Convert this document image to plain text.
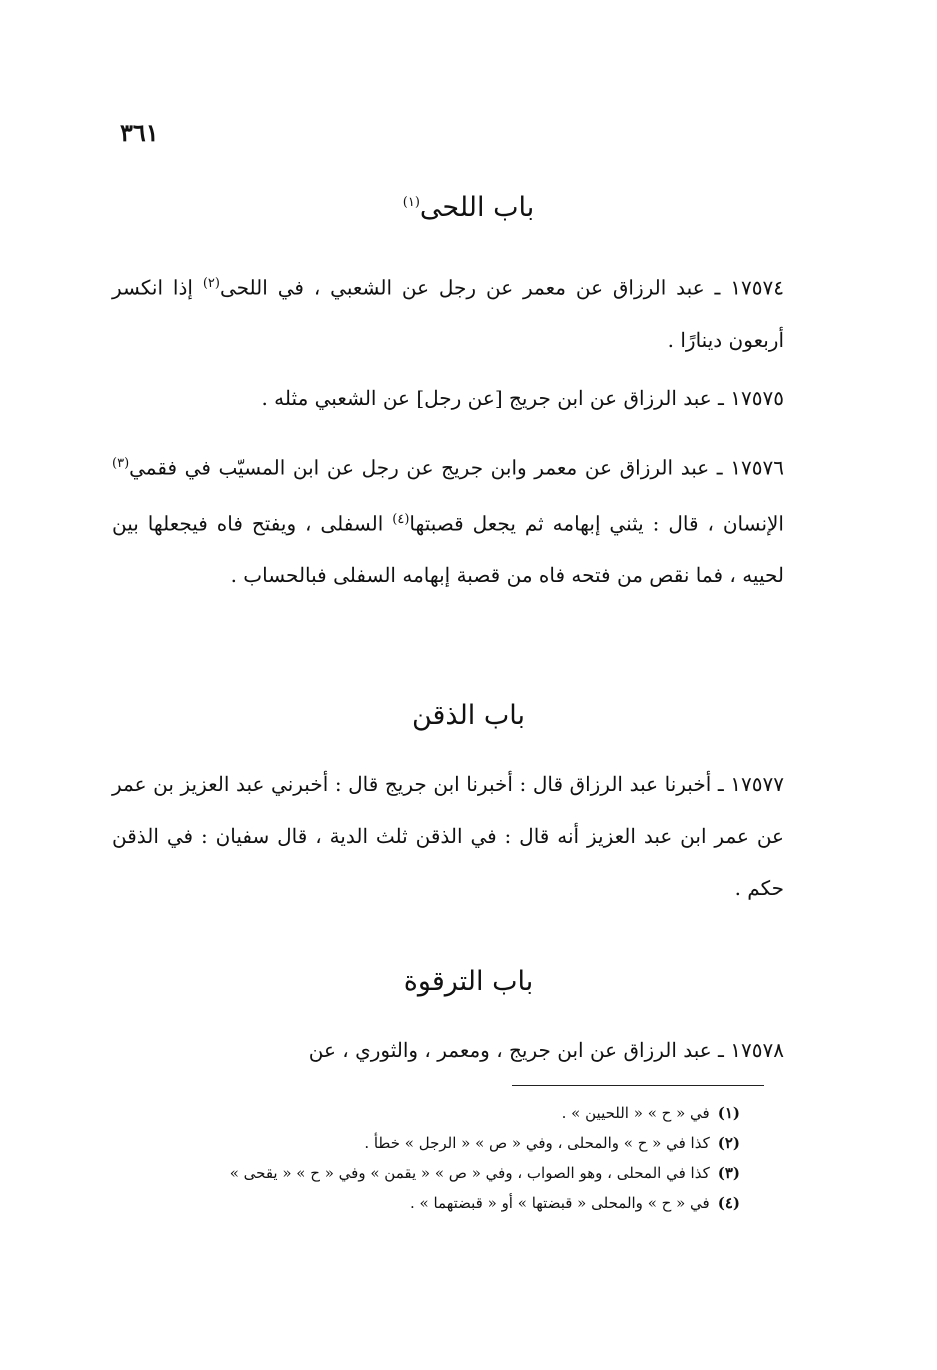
٣٦١
باب اللحى$^{(١)}$
١٧٥٧٤ ـ عبد الرزاق عن معمر عن رجل عن الشعبي ، في اللحى$^{(٢)}$ إذا انكسر أربعون دينارًا .
١٧٥٧٥ ـ عبد الرزاق عن ابن جريج [عن رجل] عن الشعبي مثله .
١٧٥٧٦ ـ عبد الرزاق عن معمر وابن جريج عن رجل عن ابن المسيّب في فقمي$^{(٣)}$ الإنسان ، قال : يثني إبهامه ثم يجعل قصبتها$^{(٤)}$ السفلى ، ويفتح فاه فيجعلها بين لحييه ، فما نقص من فتحه فاه من قصبة إبهامه السفلى فبالحساب .
باب الذقن
١٧٥٧٧ ـ أخبرنا عبد الرزاق قال : أخبرنا ابن جريج قال : أخبرني عبد العزيز بن عمر عن عمر ابن عبد العزيز أنه قال : في الذقن ثلث الدية ، قال سفيان : في الذقن حكم .
باب الترقوة
١٧٥٧٨ ـ عبد الرزاق عن ابن جريج ، ومعمر ، والثوري ، عن
(١)في « ح » « اللحيين » .
(٢)كذا في « ح » والمحلى ، وفي « ص » « الرجل » خطأ .
(٣)كذا في المحلى ، وهو الصواب ، وفي « ص » « يقمن » وفي « ح » « يقحى »
(٤)في « ح » والمحلى « قبضتها » أو « قبضتهما » .
